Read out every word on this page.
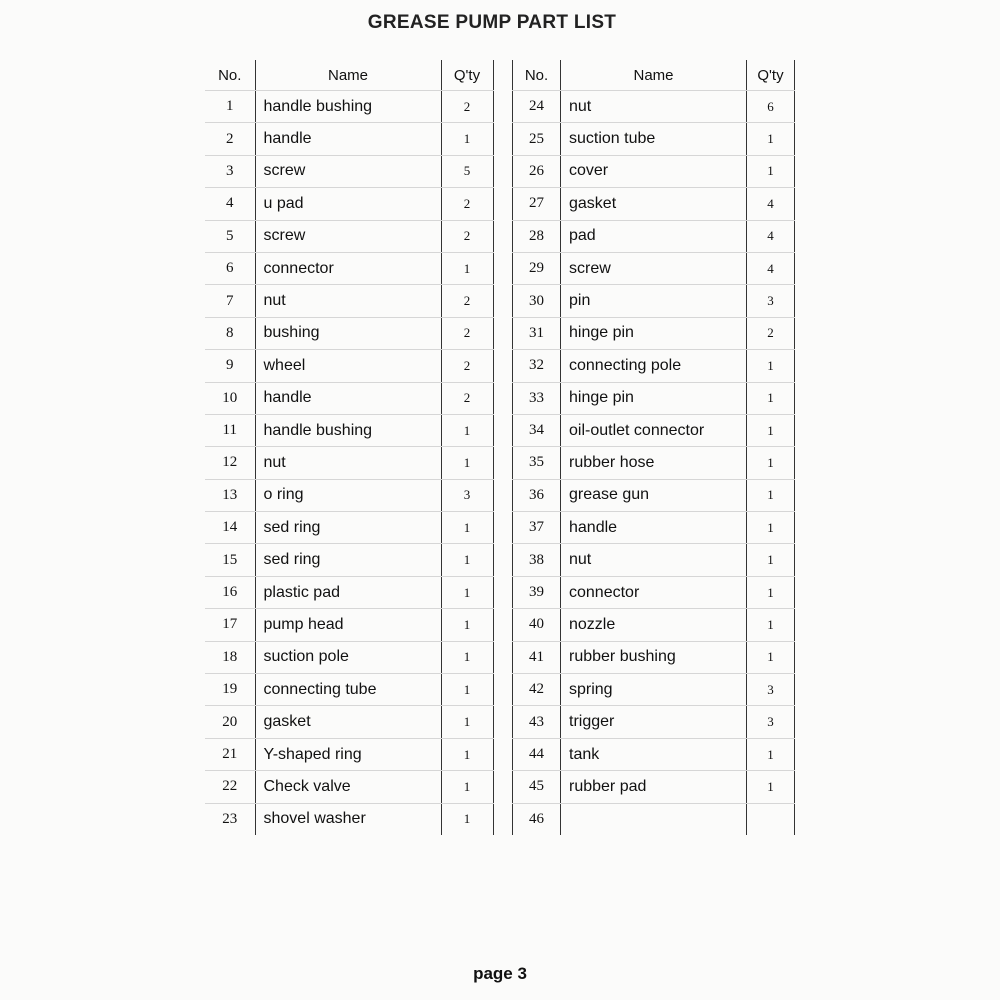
GREASE PUMP PART LIST
No.	Name	Q'ty
1	handle bushing	2
2	handle	1
3	screw	5
4	u pad	2
5	screw	2
6	connector	1
7	nut	2
8	bushing	2
9	wheel	2
10	handle	2
11	handle bushing	1
12	nut	1
13	o ring	3
14	sed ring	1
15	sed ring	1
16	plastic pad	1
17	pump head	1
18	suction pole	1
19	connecting tube	1
20	gasket	1
21	Y-shaped ring	1
22	Check valve	1
23	shovel washer	1
No.	Name	Q'ty
24	nut	6
25	suction tube	1
26	cover	1
27	gasket	4
28	pad	4
29	screw	4
30	pin	3
31	hinge pin	2
32	connecting pole	1
33	hinge pin	1
34	oil-outlet connector	1
35	rubber hose	1
36	grease gun	1
37	handle	1
38	nut	1
39	connector	1
40	nozzle	1
41	rubber bushing	1
42	spring	3
43	trigger	3
44	tank	1
45	rubber pad	1
46		
page 3
